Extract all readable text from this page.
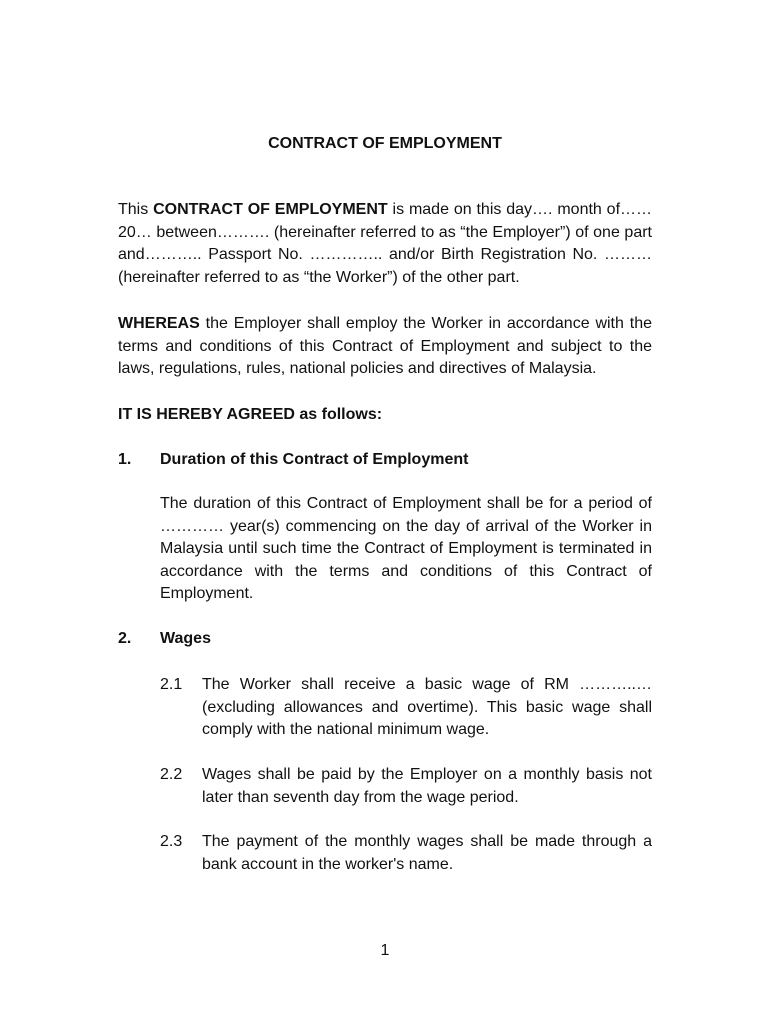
CONTRACT OF EMPLOYMENT

This CONTRACT OF EMPLOYMENT is made on this day…. month of……20… between………. (hereinafter referred to as “the Employer”) of one part and……….. Passport No. ………….. and/or Birth Registration No. ……… (hereinafter referred to as “the Worker”) of the other part.

WHEREAS the Employer shall employ the Worker in accordance with the terms and conditions of this Contract of Employment and subject to the laws, regulations, rules, national policies and directives of Malaysia.

IT IS HEREBY AGREED as follows:

1. Duration of this Contract of Employment

The duration of this Contract of Employment shall be for a period of ………… year(s) commencing on the day of arrival of the Worker in Malaysia until such time the Contract of Employment is terminated in accordance with the terms and conditions of this Contract of Employment.

2. Wages
2.1	The Worker shall receive a basic wage of RM ………..… (excluding allowances and overtime). This basic wage shall comply with the national minimum wage.

2.2	Wages shall be paid by the Employer on a monthly basis not later than seventh day from the wage period.

2.3	The payment of the monthly wages shall be made through a bank account in the worker's name.

1
